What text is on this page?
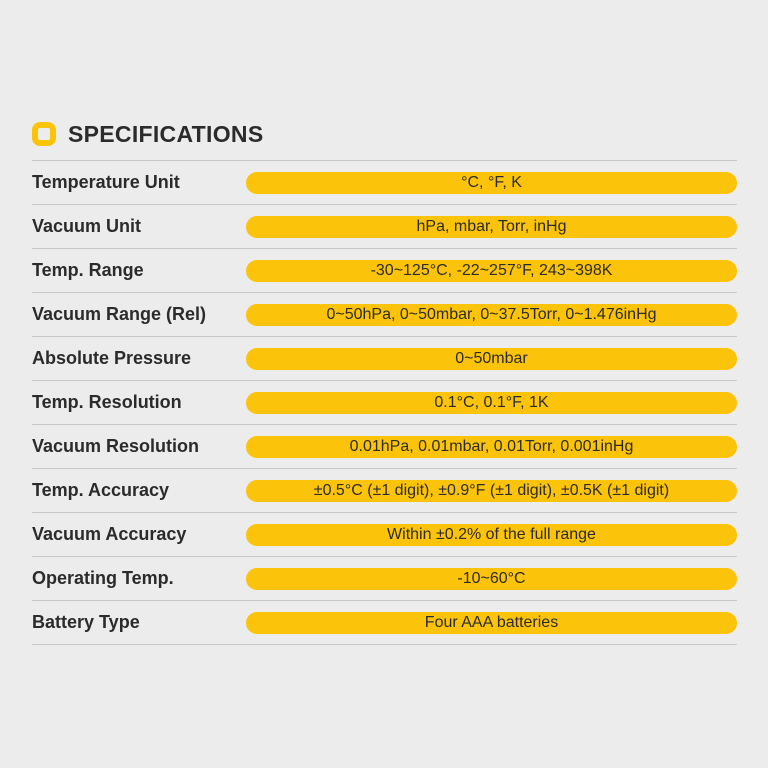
SPECIFICATIONS
Temperature Unit	°C, °F, K
Vacuum Unit	hPa, mbar, Torr, inHg
Temp. Range	-30~125°C, -22~257°F, 243~398K
Vacuum Range (Rel)	0~50hPa, 0~50mbar, 0~37.5Torr, 0~1.476inHg
Absolute Pressure	0~50mbar
Temp. Resolution	0.1°C, 0.1°F, 1K
Vacuum Resolution	0.01hPa, 0.01mbar, 0.01Torr, 0.001inHg
Temp. Accuracy	±0.5°C (±1 digit), ±0.9°F (±1 digit), ±0.5K (±1 digit)
Vacuum Accuracy	Within ±0.2% of the full range
Operating Temp.	-10~60°C
Battery Type	Four AAA batteries
